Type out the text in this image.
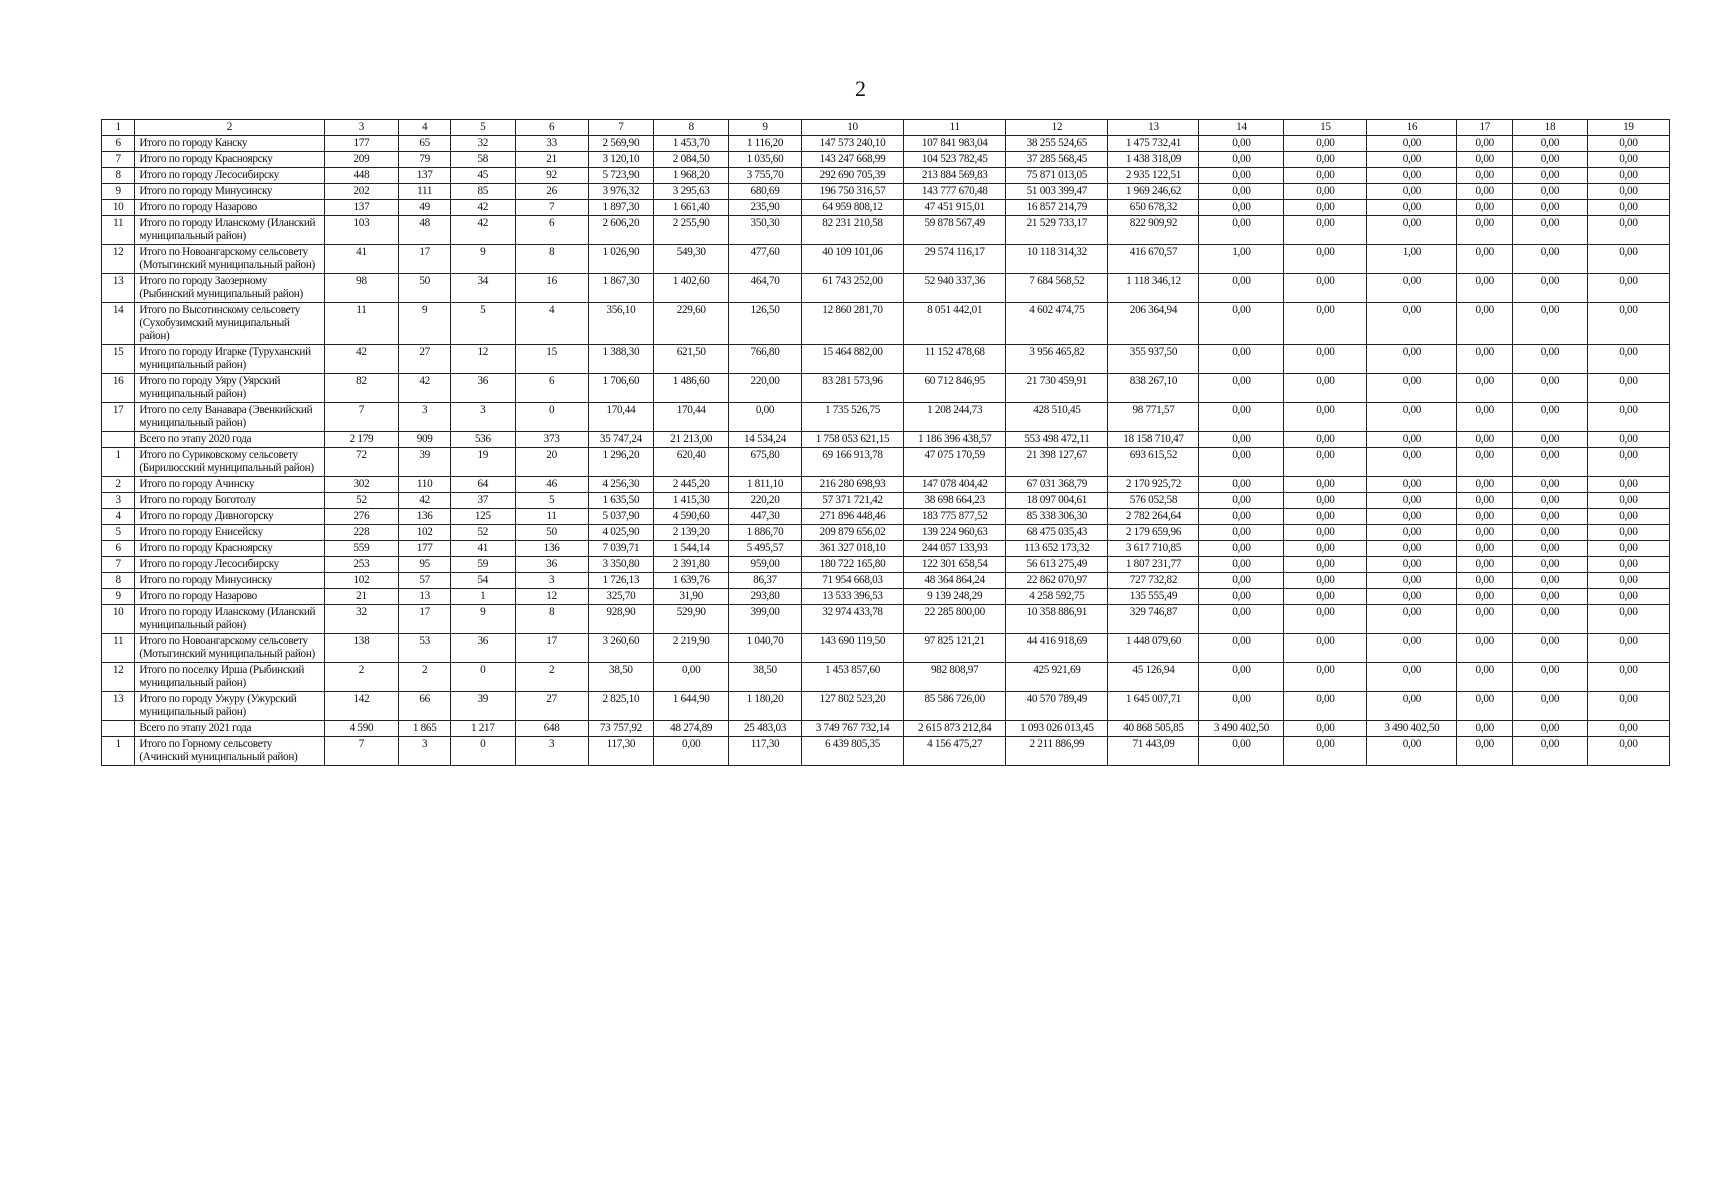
2
1	2	3	4	5	6	7	8	9	10	11	12	13	14	15	16	17	18	19
6	Итого по городу Канску	177	65	32	33	2 569,90	1 453,70	1 116,20	147 573 240,10	107 841 983,04	38 255 524,65	1 475 732,41	0,00	0,00	0,00	0,00	0,00	0,00
7	Итого по городу Красноярску	209	79	58	21	3 120,10	2 084,50	1 035,60	143 247 668,99	104 523 782,45	37 285 568,45	1 438 318,09	0,00	0,00	0,00	0,00	0,00	0,00
8	Итого по городу Лесосибирску	448	137	45	92	5 723,90	1 968,20	3 755,70	292 690 705,39	213 884 569,83	75 871 013,05	2 935 122,51	0,00	0,00	0,00	0,00	0,00	0,00
9	Итого по городу Минусинску	202	111	85	26	3 976,32	3 295,63	680,69	196 750 316,57	143 777 670,48	51 003 399,47	1 969 246,62	0,00	0,00	0,00	0,00	0,00	0,00
10	Итого по городу Назарово	137	49	42	7	1 897,30	1 661,40	235,90	64 959 808,12	47 451 915,01	16 857 214,79	650 678,32	0,00	0,00	0,00	0,00	0,00	0,00
11	Итого по городу Иланскому (Иланский муниципальный район)	103	48	42	6	2 606,20	2 255,90	350,30	82 231 210,58	59 878 567,49	21 529 733,17	822 909,92	0,00	0,00	0,00	0,00	0,00	0,00
12	Итого по Новоангарскому сельсовету (Мотыгинский муниципальный район)	41	17	9	8	1 026,90	549,30	477,60	40 109 101,06	29 574 116,17	10 118 314,32	416 670,57	1,00	0,00	1,00	0,00	0,00	0,00
13	Итого по городу Заозерному (Рыбинский муниципальный район)	98	50	34	16	1 867,30	1 402,60	464,70	61 743 252,00	52 940 337,36	7 684 568,52	1 118 346,12	0,00	0,00	0,00	0,00	0,00	0,00
14	Итого по Высотинскому сельсовету (Сухобузимский муниципальный район)	11	9	5	4	356,10	229,60	126,50	12 860 281,70	8 051 442,01	4 602 474,75	206 364,94	0,00	0,00	0,00	0,00	0,00	0,00
15	Итого по городу Игарке (Туруханский муниципальный район)	42	27	12	15	1 388,30	621,50	766,80	15 464 882,00	11 152 478,68	3 956 465,82	355 937,50	0,00	0,00	0,00	0,00	0,00	0,00
16	Итого по городу Уяру (Уярский муниципальный район)	82	42	36	6	1 706,60	1 486,60	220,00	83 281 573,96	60 712 846,95	21 730 459,91	838 267,10	0,00	0,00	0,00	0,00	0,00	0,00
17	Итого по селу Ванавара (Эвенкийский муниципальный район)	7	3	3	0	170,44	170,44	0,00	1 735 526,75	1 208 244,73	428 510,45	98 771,57	0,00	0,00	0,00	0,00	0,00	0,00
	Всего по этапу 2020 года	2 179	909	536	373	35 747,24	21 213,00	14 534,24	1 758 053 621,15	1 186 396 438,57	553 498 472,11	18 158 710,47	0,00	0,00	0,00	0,00	0,00	0,00
1	Итого по Суриковскому сельсовету (Бирилюсский муниципальный район)	72	39	19	20	1 296,20	620,40	675,80	69 166 913,78	47 075 170,59	21 398 127,67	693 615,52	0,00	0,00	0,00	0,00	0,00	0,00
2	Итого по городу Ачинску	302	110	64	46	4 256,30	2 445,20	1 811,10	216 280 698,93	147 078 404,42	67 031 368,79	2 170 925,72	0,00	0,00	0,00	0,00	0,00	0,00
3	Итого по городу Боготолу	52	42	37	5	1 635,50	1 415,30	220,20	57 371 721,42	38 698 664,23	18 097 004,61	576 052,58	0,00	0,00	0,00	0,00	0,00	0,00
4	Итого по городу Дивногорску	276	136	125	11	5 037,90	4 590,60	447,30	271 896 448,46	183 775 877,52	85 338 306,30	2 782 264,64	0,00	0,00	0,00	0,00	0,00	0,00
5	Итого по городу Енисейску	228	102	52	50	4 025,90	2 139,20	1 886,70	209 879 656,02	139 224 960,63	68 475 035,43	2 179 659,96	0,00	0,00	0,00	0,00	0,00	0,00
6	Итого по городу Красноярску	559	177	41	136	7 039,71	1 544,14	5 495,57	361 327 018,10	244 057 133,93	113 652 173,32	3 617 710,85	0,00	0,00	0,00	0,00	0,00	0,00
7	Итого по городу Лесосибирску	253	95	59	36	3 350,80	2 391,80	959,00	180 722 165,80	122 301 658,54	56 613 275,49	1 807 231,77	0,00	0,00	0,00	0,00	0,00	0,00
8	Итого по городу Минусинску	102	57	54	3	1 726,13	1 639,76	86,37	71 954 668,03	48 364 864,24	22 862 070,97	727 732,82	0,00	0,00	0,00	0,00	0,00	0,00
9	Итого по городу Назарово	21	13	1	12	325,70	31,90	293,80	13 533 396,53	9 139 248,29	4 258 592,75	135 555,49	0,00	0,00	0,00	0,00	0,00	0,00
10	Итого по городу Иланскому (Иланский муниципальный район)	32	17	9	8	928,90	529,90	399,00	32 974 433,78	22 285 800,00	10 358 886,91	329 746,87	0,00	0,00	0,00	0,00	0,00	0,00
11	Итого по Новоангарскому сельсовету (Мотыгинский муниципальный район)	138	53	36	17	3 260,60	2 219,90	1 040,70	143 690 119,50	97 825 121,21	44 416 918,69	1 448 079,60	0,00	0,00	0,00	0,00	0,00	0,00
12	Итого по поселку Ирша (Рыбинский муниципальный район)	2	2	0	2	38,50	0,00	38,50	1 453 857,60	982 808,97	425 921,69	45 126,94	0,00	0,00	0,00	0,00	0,00	0,00
13	Итого по городу Ужуру (Ужурский муниципальный район)	142	66	39	27	2 825,10	1 644,90	1 180,20	127 802 523,20	85 586 726,00	40 570 789,49	1 645 007,71	0,00	0,00	0,00	0,00	0,00	0,00
	Всего по этапу 2021 года	4 590	1 865	1 217	648	73 757,92	48 274,89	25 483,03	3 749 767 732,14	2 615 873 212,84	1 093 026 013,45	40 868 505,85	3 490 402,50	0,00	3 490 402,50	0,00	0,00	0,00
1	Итого по Горному сельсовету (Ачинский муниципальный район)	7	3	0	3	117,30	0,00	117,30	6 439 805,35	4 156 475,27	2 211 886,99	71 443,09	0,00	0,00	0,00	0,00	0,00	0,00
